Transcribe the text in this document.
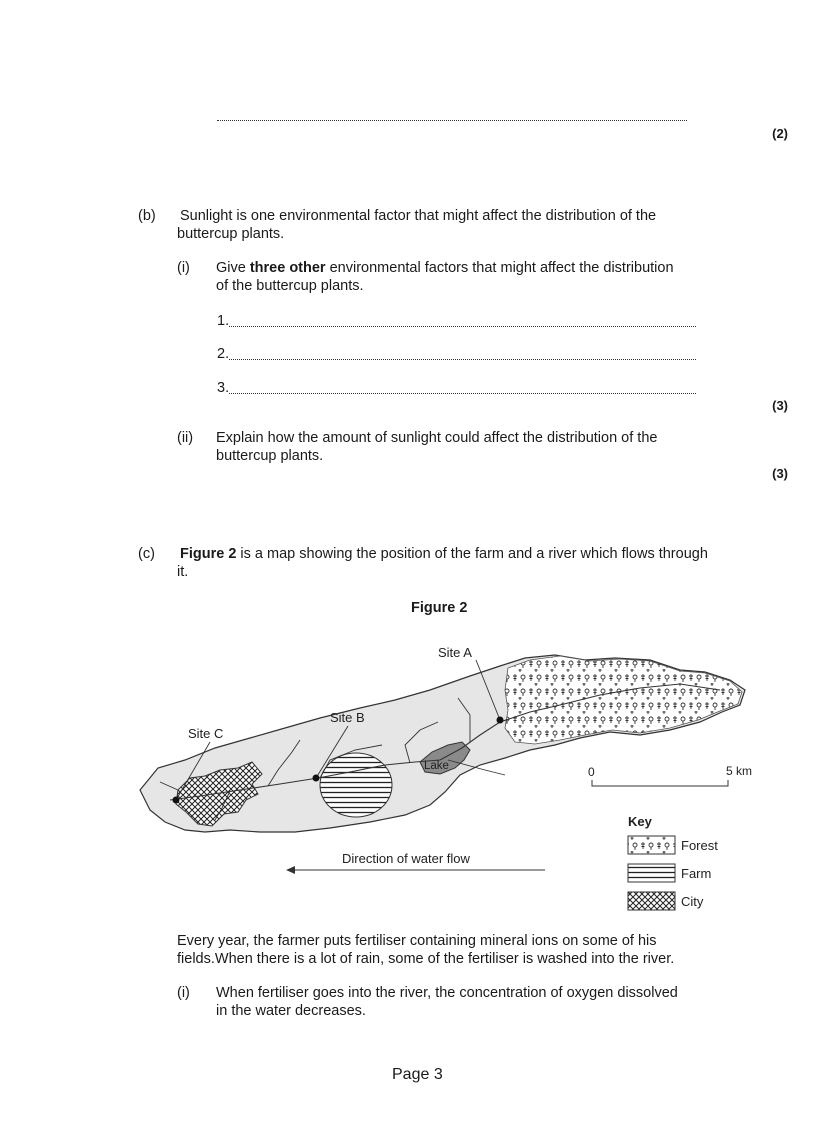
(2)
(b) Sunlight is one environmental factor that might affect the distribution of the
buttercup plants.
(i) Give three other environmental factors that might affect the distribution
of the buttercup plants.
1.
2.
3.
(3)
(ii) Explain how the amount of sunlight could affect the distribution of the
buttercup plants.
(3)
(c) Figure 2 is a map showing the position of the farm and a river which flows through
it.
Figure 2
Site A
Site B
Site C
Lake	0	5 km
Direction of water flow
Key
Forest
Farm
City
Every year, the farmer puts fertiliser containing mineral ions on some of his
fields.When there is a lot of rain, some of the fertiliser is washed into the river.
(i) When fertiliser goes into the river, the concentration of oxygen dissolved
in the water decreases.
Page 3
